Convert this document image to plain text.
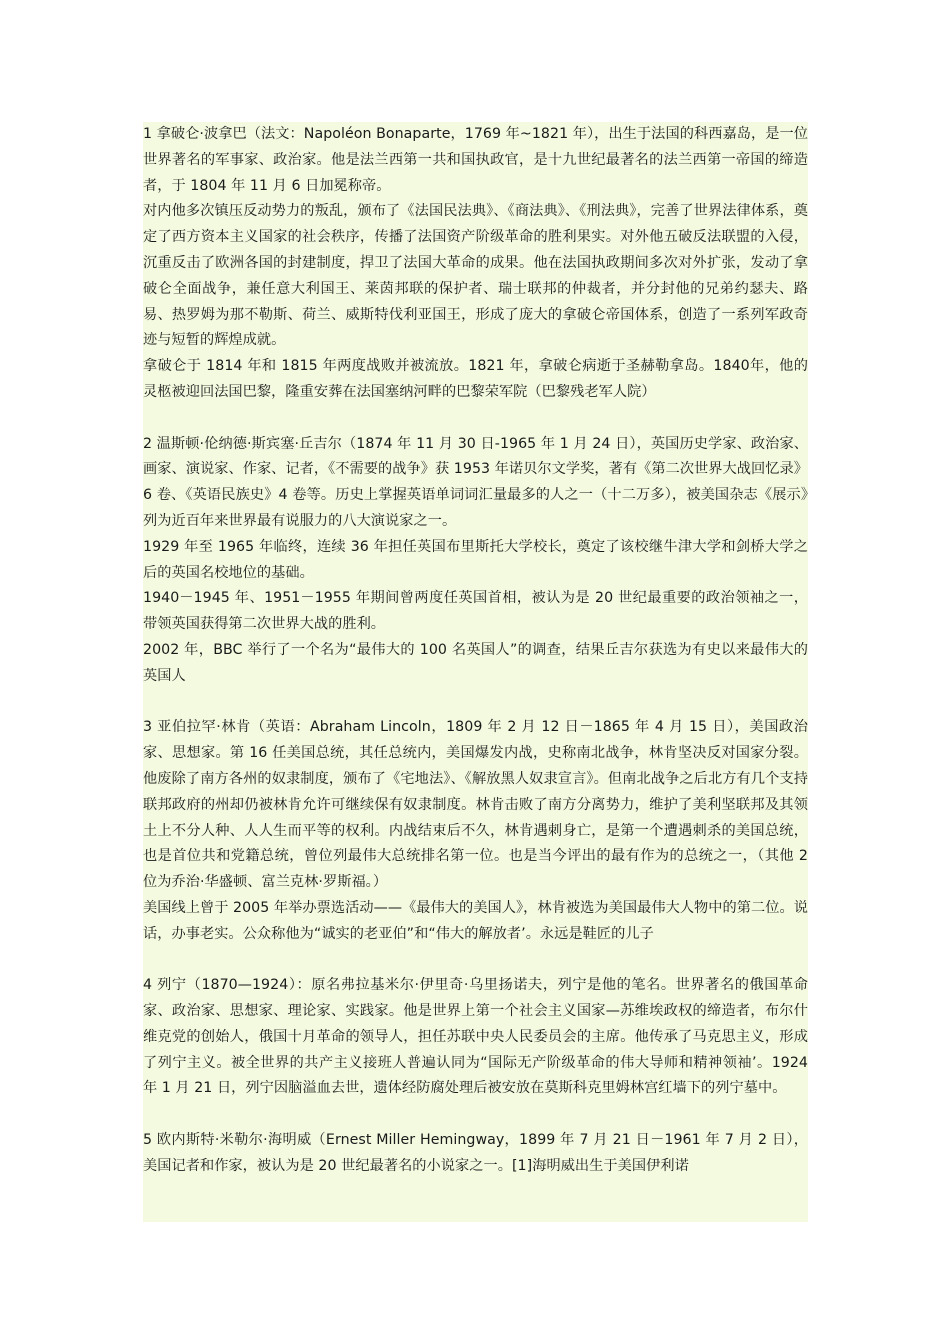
1 拿破仑·波拿巴（法文：Napoléon Bonaparte，1769 年~1821 年），出生于法国的科西嘉岛，是一位世界著名的军事家、政治家。他是法兰西第一共和国执政官，是十九世纪最著名的法兰西第一帝国的缔造者，于 1804 年 11 月 6 日加冕称帝。

对内他多次镇压反动势力的叛乱，颁布了《法国民法典》、《商法典》、《刑法典》，完善了世界法律体系，奠定了西方资本主义国家的社会秩序，传播了法国资产阶级革命的胜利果实。对外他五破反法联盟的入侵，沉重反击了欧洲各国的封建制度，捍卫了法国大革命的成果。他在法国执政期间多次对外扩张，发动了拿破仑全面战争，兼任意大利国王、莱茵邦联的保护者、瑞士联邦的仲裁者，并分封他的兄弟约瑟夫、路易、热罗姆为那不勒斯、荷兰、威斯特伐利亚国王，形成了庞大的拿破仑帝国体系，创造了一系列军政奇迹与短暂的辉煌成就。

拿破仑于 1814 年和 1815 年两度战败并被流放。1821 年，拿破仑病逝于圣赫勒拿岛。1840年，他的灵柩被迎回法国巴黎，隆重安葬在法国塞纳河畔的巴黎荣军院（巴黎残老军人院）

2 温斯顿·伦纳德·斯宾塞·丘吉尔（1874 年 11 月 30 日-1965 年 1 月 24 日），英国历史学家、政治家、画家、演说家、作家、记者，《不需要的战争》获 1953 年诺贝尔文学奖，著有《第二次世界大战回忆录》6 卷、《英语民族史》4 卷等。历史上掌握英语单词词汇量最多的人之一（十二万多），被美国杂志《展示》列为近百年来世界最有说服力的八大演说家之一。

1929 年至 1965 年临终，连续 36 年担任英国布里斯托大学校长，奠定了该校继牛津大学和剑桥大学之后的英国名校地位的基础。

1940－1945 年、1951－1955 年期间曾两度任英国首相，被认为是 20 世纪最重要的政治领袖之一，带领英国获得第二次世界大战的胜利。

2002 年，BBC 举行了一个名为“最伟大的 100 名英国人”的调查，结果丘吉尔获选为有史以来最伟大的英国人

3 亚伯拉罕·林肯（英语：Abraham Lincoln，1809 年 2 月 12 日－1865 年 4 月 15 日），美国政治家、思想家。第 16 任美国总统，其任总统内，美国爆发内战，史称南北战争，林肯坚决反对国家分裂。他废除了南方各州的奴隶制度，颁布了《宅地法》、《解放黑人奴隶宣言》。但南北战争之后北方有几个支持联邦政府的州却仍被林肯允许可继续保有奴隶制度。林肯击败了南方分离势力，维护了美利坚联邦及其领土上不分人种、人人生而平等的权利。内战结束后不久，林肯遇刺身亡，是第一个遭遇刺杀的美国总统，也是首位共和党籍总统，曾位列最伟大总统排名第一位。也是当今评出的最有作为的总统之一，（其他 2 位为乔治·华盛顿、富兰克林·罗斯福。）

美国线上曾于 2005 年举办票选活动——《最伟大的美国人》，林肯被选为美国最伟大人物中的第二位。说话，办事老实。公众称他为“诚实的老亚伯”和“伟大的解放者’。永远是鞋匠的儿子

4 列宁（1870—1924）：原名弗拉基米尔·伊里奇·乌里扬诺夫，列宁是他的笔名。世界著名的俄国革命家、政治家、思想家、理论家、实践家。他是世界上第一个社会主义国家—苏维埃政权的缔造者，布尔什维克党的创始人，俄国十月革命的领导人，担任苏联中央人民委员会的主席。他传承了马克思主义，形成了列宁主义。被全世界的共产主义接班人普遍认同为“国际无产阶级革命的伟大导师和精神领袖’。1924 年 1 月 21 日，列宁因脑溢血去世，遗体经防腐处理后被安放在莫斯科克里姆林宫红墙下的列宁墓中。

5 欧内斯特·米勒尔·海明威（Ernest Miller Hemingway，1899 年 7 月 21 日－1961 年 7 月 2 日），美国记者和作家，被认为是 20 世纪最著名的小说家之一。[1]海明威出生于美国伊利诺
